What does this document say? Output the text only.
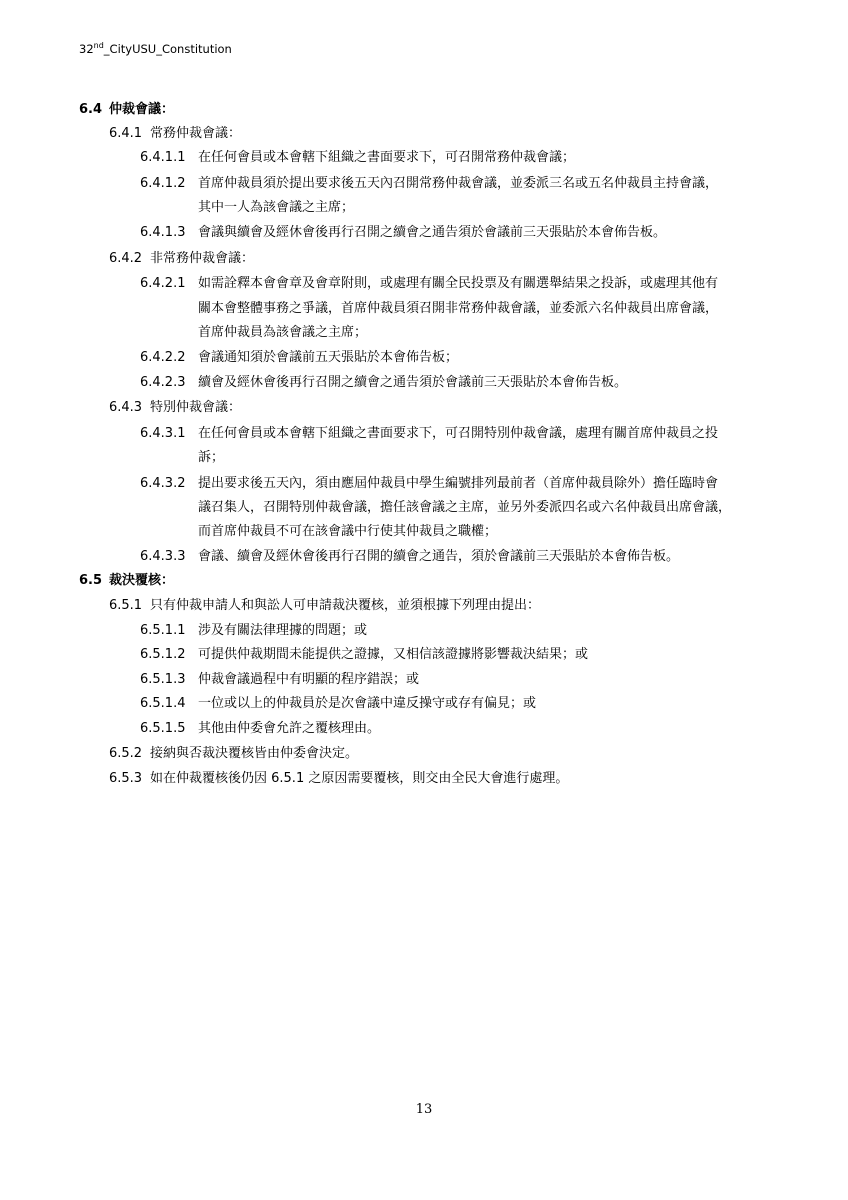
32nd_CityUSU_Constitution
6.4 仲裁會議：
6.4.1 常務仲裁會議：
6.4.1.1 在任何會員或本會轄下組織之書面要求下，可召開常務仲裁會議；
6.4.1.2 首席仲裁員須於提出要求後五天內召開常務仲裁會議，並委派三名或五名仲裁員主持會議，
其中一人為該會議之主席；
6.4.1.3 會議與續會及經休會後再行召開之續會之通告須於會議前三天張貼於本會佈告板。
6.4.2 非常務仲裁會議：
6.4.2.1 如需詮釋本會會章及會章附則，或處理有關全民投票及有關選舉結果之投訴，或處理其他有
關本會整體事務之爭議，首席仲裁員須召開非常務仲裁會議，並委派六名仲裁員出席會議，
首席仲裁員為該會議之主席；
6.4.2.2 會議通知須於會議前五天張貼於本會佈告板；
6.4.2.3 續會及經休會後再行召開之續會之通告須於會議前三天張貼於本會佈告板。
6.4.3 特別仲裁會議：
6.4.3.1 在任何會員或本會轄下組織之書面要求下，可召開特別仲裁會議，處理有關首席仲裁員之投
訴；
6.4.3.2 提出要求後五天內，須由應屆仲裁員中學生編號排列最前者（首席仲裁員除外）擔任臨時會
議召集人，召開特別仲裁會議，擔任該會議之主席，並另外委派四名或六名仲裁員出席會議，
而首席仲裁員不可在該會議中行使其仲裁員之職權；
6.4.3.3 會議、續會及經休會後再行召開的續會之通告，須於會議前三天張貼於本會佈告板。
6.5 裁決覆核：
6.5.1 只有仲裁申請人和與訟人可申請裁決覆核，並須根據下列理由提出：
6.5.1.1 涉及有關法律理據的問題；或
6.5.1.2 可提供仲裁期間未能提供之證據，又相信該證據將影響裁決結果；或
6.5.1.3 仲裁會議過程中有明顯的程序錯誤；或
6.5.1.4 一位或以上的仲裁員於是次會議中違反操守或存有偏見；或
6.5.1.5 其他由仲委會允許之覆核理由。
6.5.2 接納與否裁決覆核皆由仲委會決定。
6.5.3 如在仲裁覆核後仍因 6.5.1 之原因需要覆核，則交由全民大會進行處理。
13
